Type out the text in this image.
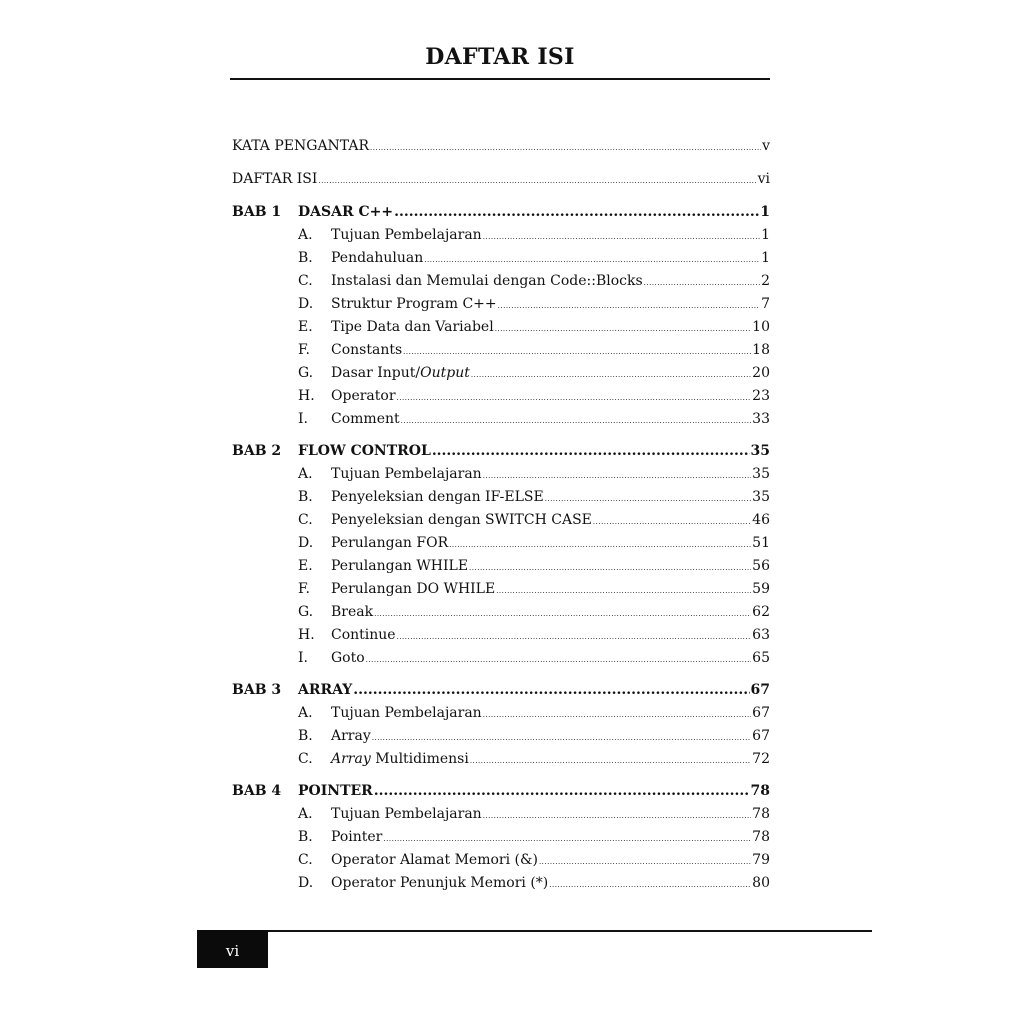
DAFTAR ISI
KATA PENGANTAR .....	v
DAFTAR ISI .....	vi
BAB 1	DASAR C++ .....	1
A.	Tujuan Pembelajaran .....	1
B.	Pendahuluan .....	1
C.	Instalasi dan Memulai dengan Code::Blocks .....	2
D.	Struktur Program C++ .....	7
E.	Tipe Data dan Variabel .....	10
F.	Constants .....	18
G.	Dasar Input/Output .....	20
H.	Operator .....	23
I.	Comment .....	33
BAB 2	FLOW CONTROL .....	35
A.	Tujuan Pembelajaran .....	35
B.	Penyeleksian dengan IF-ELSE .....	35
C.	Penyeleksian dengan SWITCH CASE .....	46
D.	Perulangan FOR .....	51
E.	Perulangan WHILE .....	56
F.	Perulangan DO WHILE .....	59
G.	Break .....	62
H.	Continue .....	63
I.	Goto .....	65
BAB 3	ARRAY .....	67
A.	Tujuan Pembelajaran .....	67
B.	Array .....	67
C.	Array Multidimensi .....	72
BAB 4	POINTER .....	78
A.	Tujuan Pembelajaran .....	78
B.	Pointer .....	78
C.	Operator Alamat Memori (&) .....	79
D.	Operator Penunjuk Memori (*) .....	80
vi
